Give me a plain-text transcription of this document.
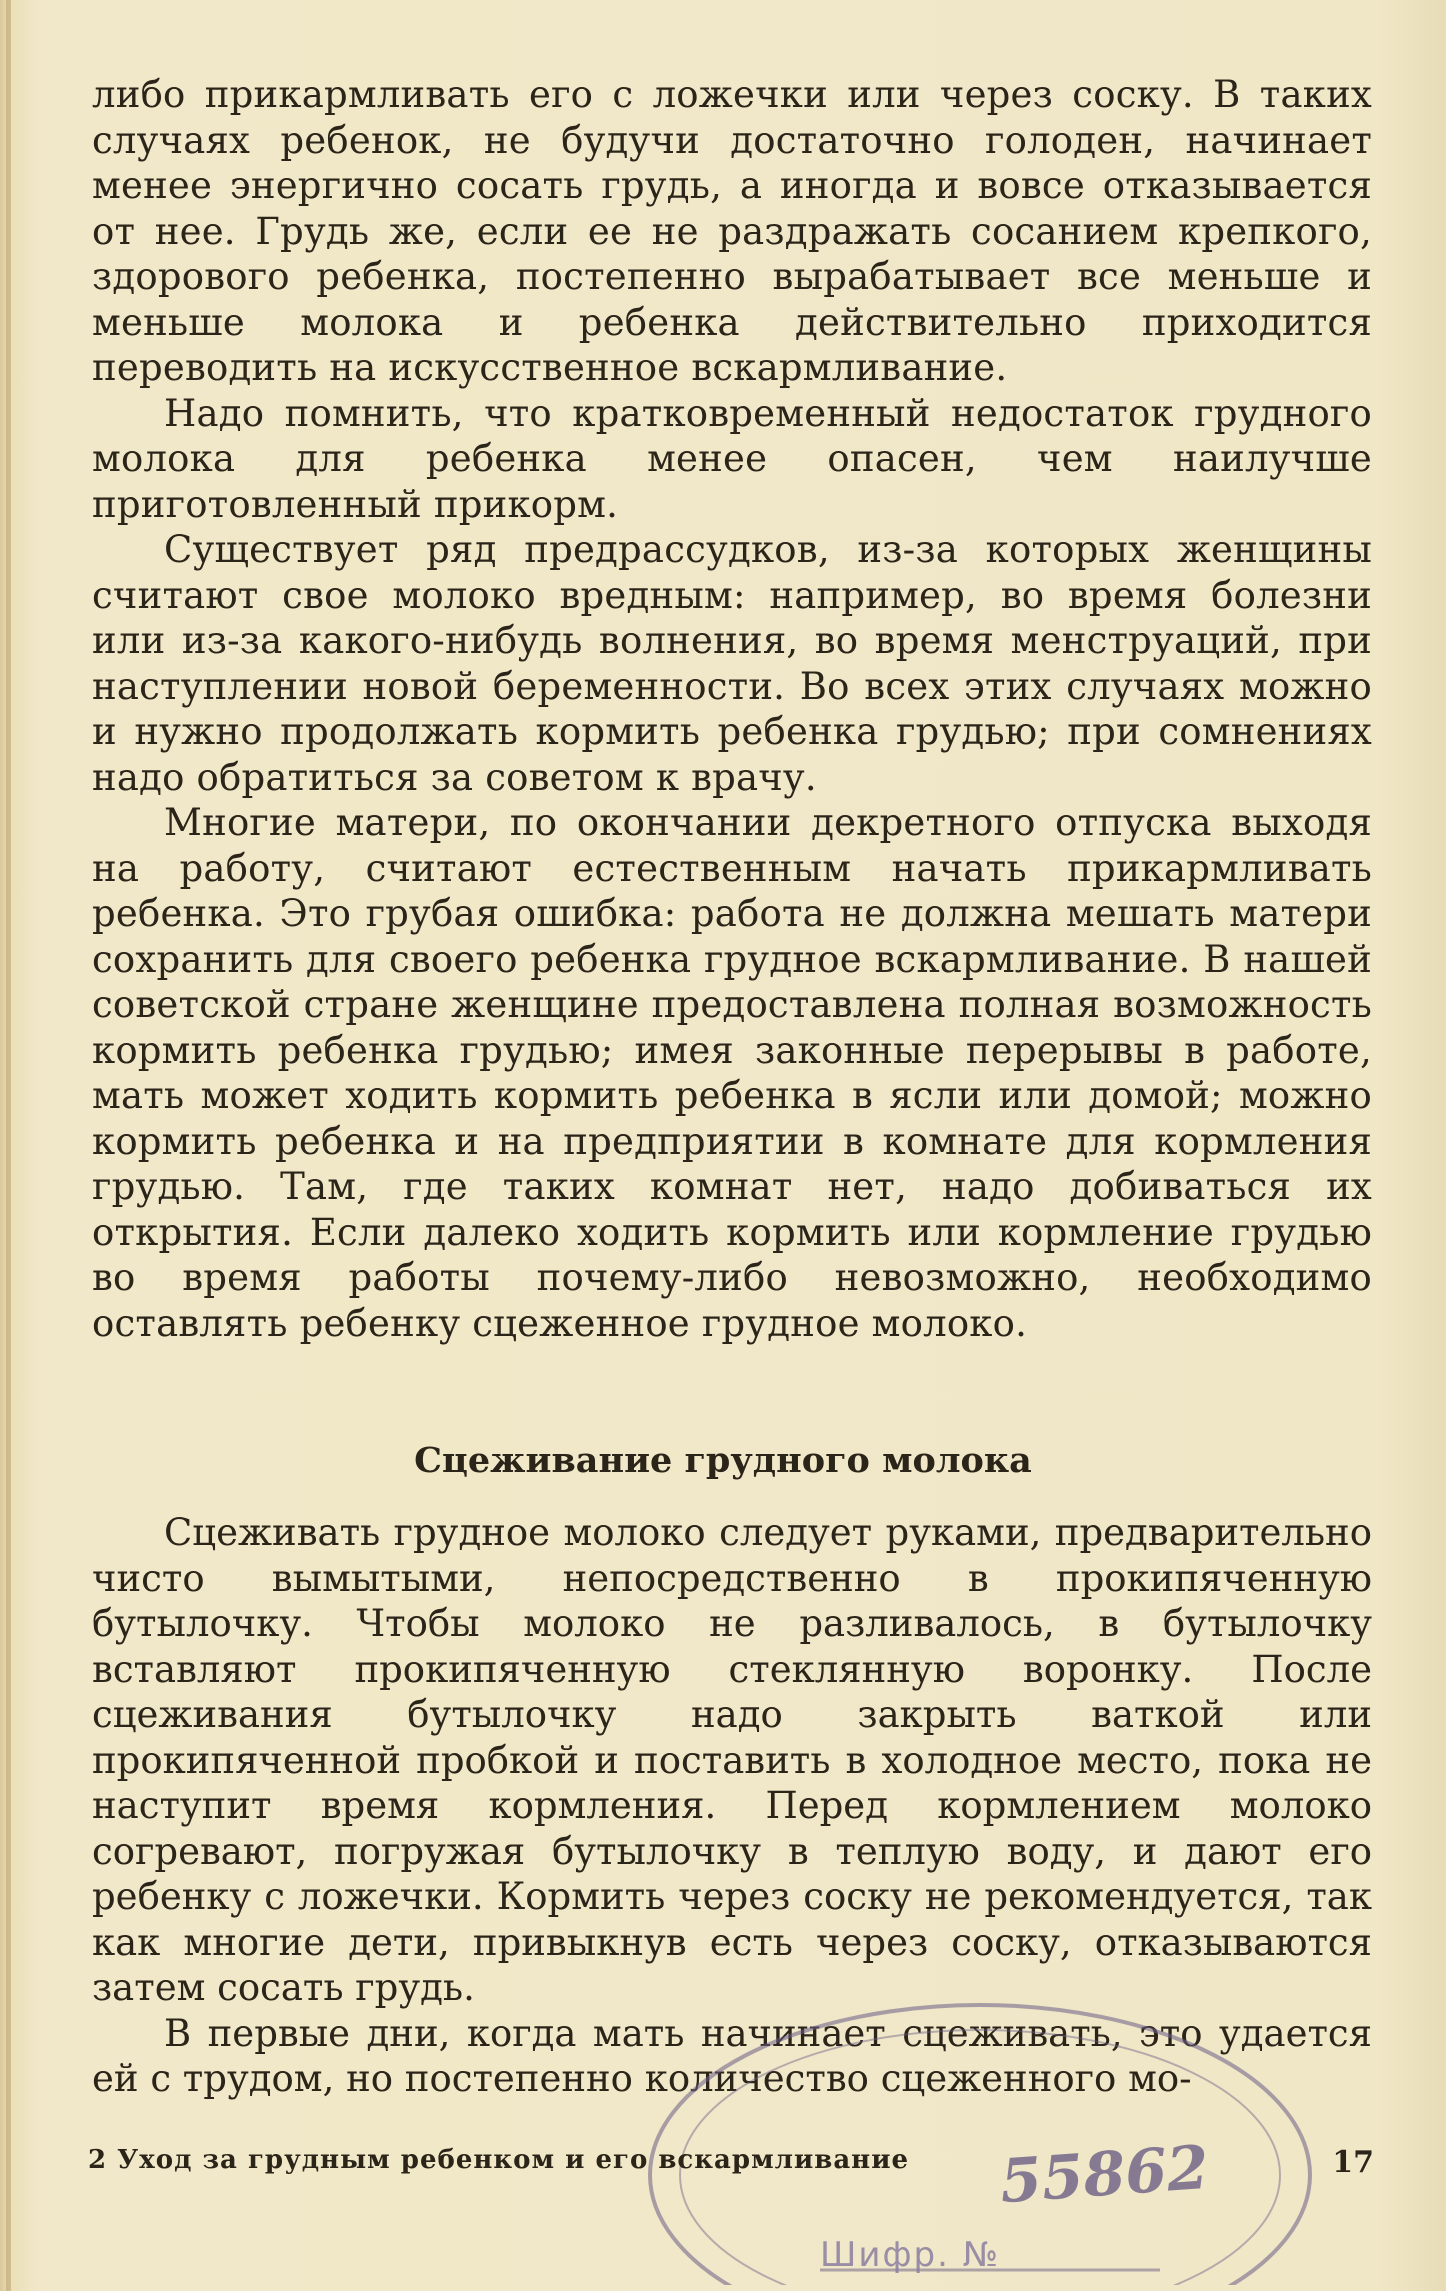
либо прикармливать его с ложечки или через соску. В таких случаях ребенок, не будучи достаточно голоден, начинает менее энергично сосать грудь, а иногда и вовсе отказывается от нее. Грудь же, если ее не раздражать сосанием крепкого, здорового ребенка, постепенно вырабатывает все меньше и меньше молока и ребенка действительно приходится переводить на искусственное вскармливание.

Надо помнить, что кратковременный недостаток грудного молока для ребенка менее опасен, чем наилучше приготовленный прикорм.

Существует ряд предрассудков, из-за которых женщины считают свое молоко вредным: например, во время болезни или из-за какого-нибудь волнения, во время менструаций, при наступлении новой беременности. Во всех этих случаях можно и нужно продолжать кормить ребенка грудью; при сомнениях надо обратиться за советом к врачу.

Многие матери, по окончании декретного отпуска выходя на работу, считают естественным начать прикармливать ребенка. Это грубая ошибка: работа не должна мешать матери сохранить для своего ребенка грудное вскармливание. В нашей советской стране женщине предоставлена полная возможность кормить ребенка грудью; имея законные перерывы в работе, мать может ходить кормить ребенка в ясли или домой; можно кормить ребенка и на предприятии в комнате для кормления грудью. Там, где таких комнат нет, надо добиваться их открытия. Если далеко ходить кормить или кормление грудью во время работы почему-либо невозможно, необходимо оставлять ребенку сцеженное грудное молоко.

Сцеживание грудного молока

Сцеживать грудное молоко следует руками, предварительно чисто вымытыми, непосредственно в прокипяченную бутылочку. Чтобы молоко не разливалось, в бутылочку вставляют прокипяченную стеклянную воронку. После сцеживания бутылочку надо закрыть ваткой или прокипяченной пробкой и поставить в холодное место, пока не наступит время кормления. Перед кормлением молоко согревают, погружая бутылочку в теплую воду, и дают его ребенку с ложечки. Кормить через соску не рекомендуется, так как многие дети, привыкнув есть через соску, отказываются затем сосать грудь.

В первые дни, когда мать начинает сцеживать, это удается ей с трудом, но постепенно количество сцеженного мо-

55862
Шифр. №
2 Уход за грудным ребенком и его вскармливание	17
